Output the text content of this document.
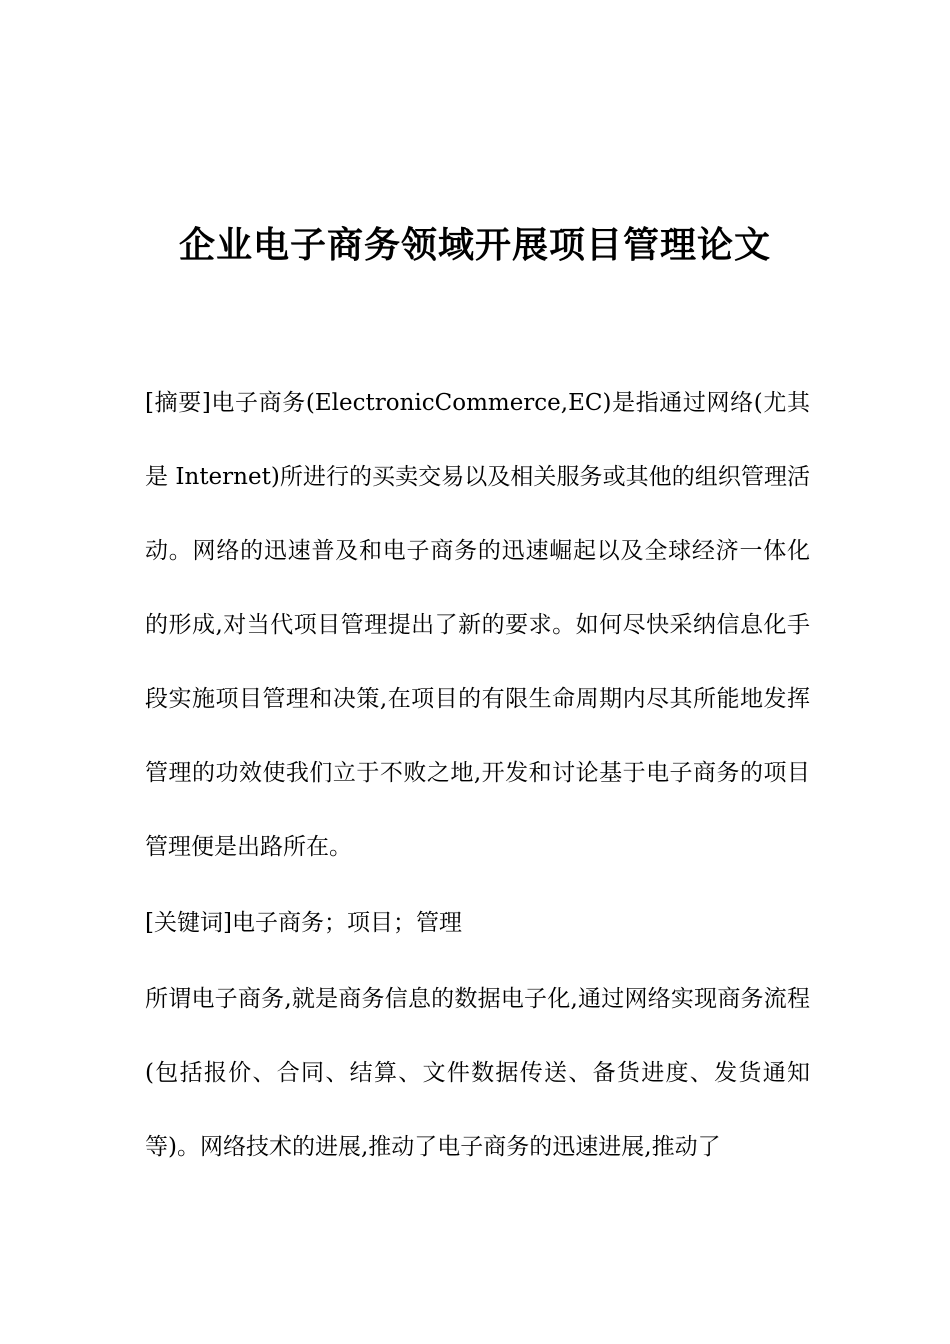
企业电子商务领域开展项目管理论文

[摘要]电子商务(ElectronicCommerce,EC)是指通过网络(尤其是 Internet)所进行的买卖交易以及相关服务或其他的组织管理活动。网络的迅速普及和电子商务的迅速崛起以及全球经济一体化的形成,对当代项目管理提出了新的要求。如何尽快采纳信息化手段实施项目管理和决策,在项目的有限生命周期内尽其所能地发挥管理的功效使我们立于不败之地,开发和讨论基于电子商务的项目管理便是出路所在。

[关键词]电子商务；项目；管理

所谓电子商务,就是商务信息的数据电子化,通过网络实现商务流程(包括报价、合同、结算、文件数据传送、备货进度、发货通知等)。网络技术的进展,推动了电子商务的迅速进展,推动了
